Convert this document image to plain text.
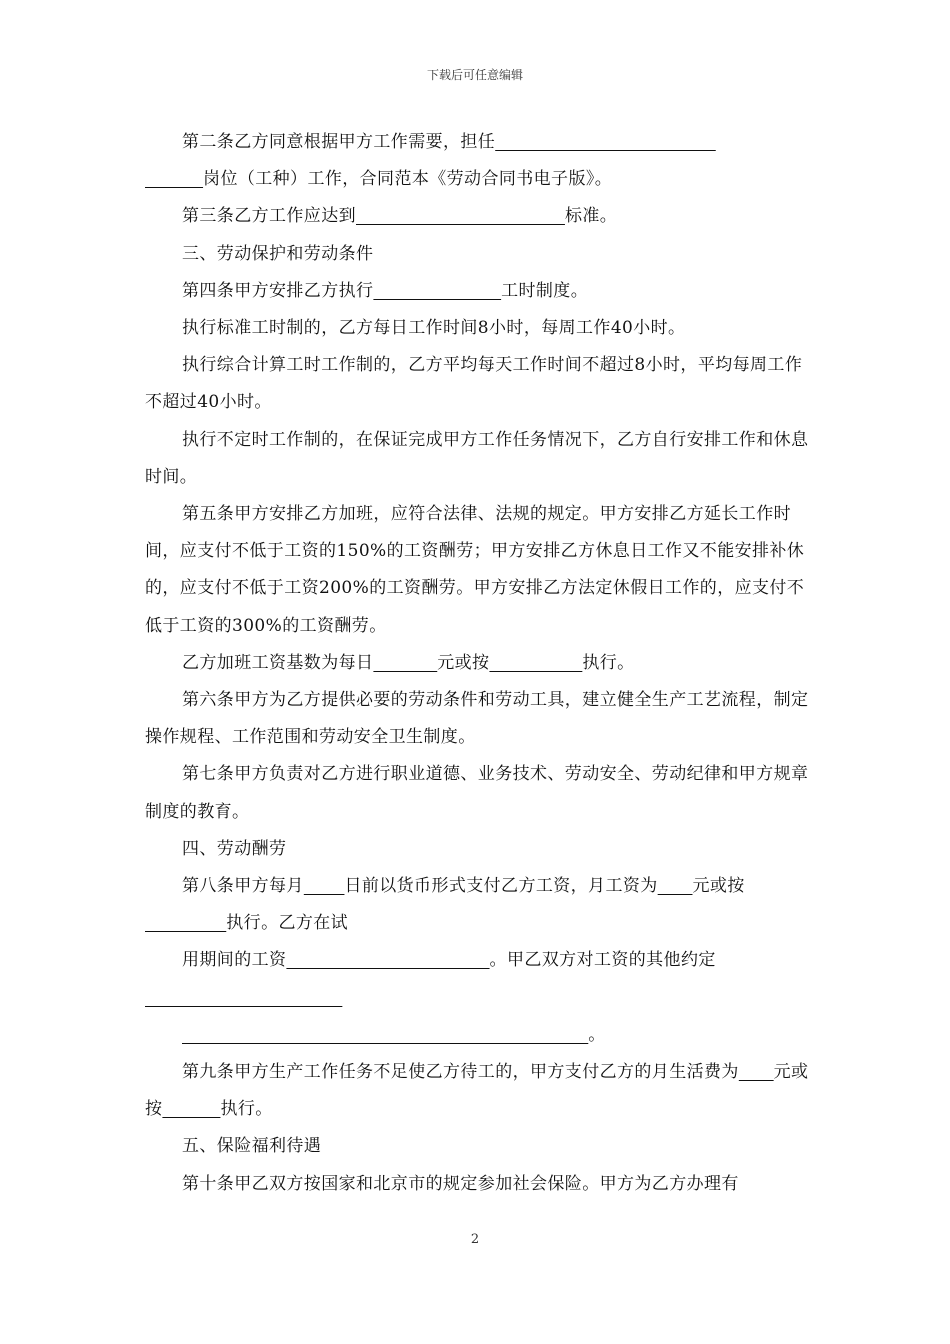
下载后可任意编辑

第二条乙方同意根据甲方工作需要，担任

岗位（工种）工作，合同范本《劳动合同书电子版》。

第三条乙方工作应达到	标准。

三、劳动保护和劳动条件

第四条甲方安排乙方执行	工时制度。

执行标准工时制的，乙方每日工作时间8小时，每周工作40小时。

执行综合计算工时工作制的，乙方平均每天工作时间不超过8小时，平均每周工作不超过40小时。

执行不定时工作制的，在保证完成甲方工作任务情况下，乙方自行安排工作和休息时间。

第五条甲方安排乙方加班，应符合法律、法规的规定。甲方安排乙方延长工作时间，应支付不低于工资的150%的工资酬劳；甲方安排乙方休息日工作又不能安排补休的，应支付不低于工资200%的工资酬劳。甲方安排乙方法定休假日工作的，应支付不低于工资的300%的工资酬劳。

乙方加班工资基数为每日	元或按	执行。

第六条甲方为乙方提供必要的劳动条件和劳动工具，建立健全生产工艺流程，制定操作规程、工作范围和劳动安全卫生制度。

第七条甲方负责对乙方进行职业道德、业务技术、劳动安全、劳动纪律和甲方规章制度的教育。

四、劳动酬劳

第八条甲方每月 日前以货币形式支付乙方工资，月工资为 元或按              执行。乙方在试

用期间的工资	。甲乙双方对工资的其他约定

。

第九条甲方生产工作任务不足使乙方待工的，甲方支付乙方的月生活费为 元或按	执行。

五、保险福利待遇

第十条甲乙双方按国家和北京市的规定参加社会保险。甲方为乙方办理有

2
